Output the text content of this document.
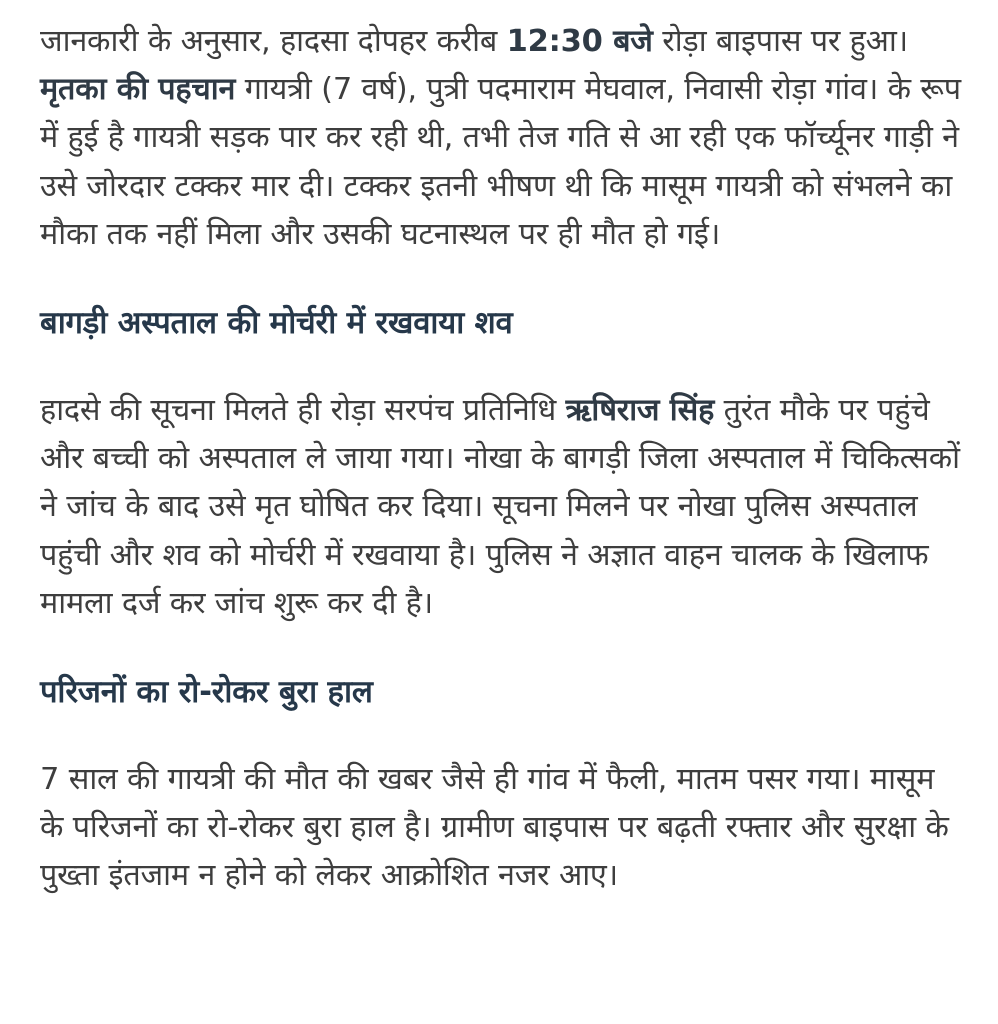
जानकारी के अनुसार, हादसा दोपहर करीब 12:30 बजे रोड़ा बाइपास पर हुआ। मृतका की पहचान गायत्री (7 वर्ष), पुत्री पदमाराम मेघवाल, निवासी रोड़ा गांव। के रूप में हुई है गायत्री सड़क पार कर रही थी, तभी तेज गति से आ रही एक फॉर्च्यूनर गाड़ी ने उसे जोरदार टक्कर मार दी। टक्कर इतनी भीषण थी कि मासूम गायत्री को संभलने का मौका तक नहीं मिला और उसकी घटनास्थल पर ही मौत हो गई।

बागड़ी अस्पताल की मोर्चरी में रखवाया शव

हादसे की सूचना मिलते ही रोड़ा सरपंच प्रतिनिधि ऋषिराज सिंह तुरंत मौके पर पहुंचे और बच्ची को अस्पताल ले जाया गया। नोखा के बागड़ी जिला अस्पताल में चिकित्सकों ने जांच के बाद उसे मृत घोषित कर दिया। सूचना मिलने पर नोखा पुलिस अस्पताल पहुंची और शव को मोर्चरी में रखवाया है। पुलिस ने अज्ञात वाहन चालक के खिलाफ मामला दर्ज कर जांच शुरू कर दी है।

परिजनों का रो-रोकर बुरा हाल

7 साल की गायत्री की मौत की खबर जैसे ही गांव में फैली, मातम पसर गया। मासूम के परिजनों का रो-रोकर बुरा हाल है। ग्रामीण बाइपास पर बढ़ती रफ्तार और सुरक्षा के पुख्ता इंतजाम न होने को लेकर आक्रोशित नजर आए।
